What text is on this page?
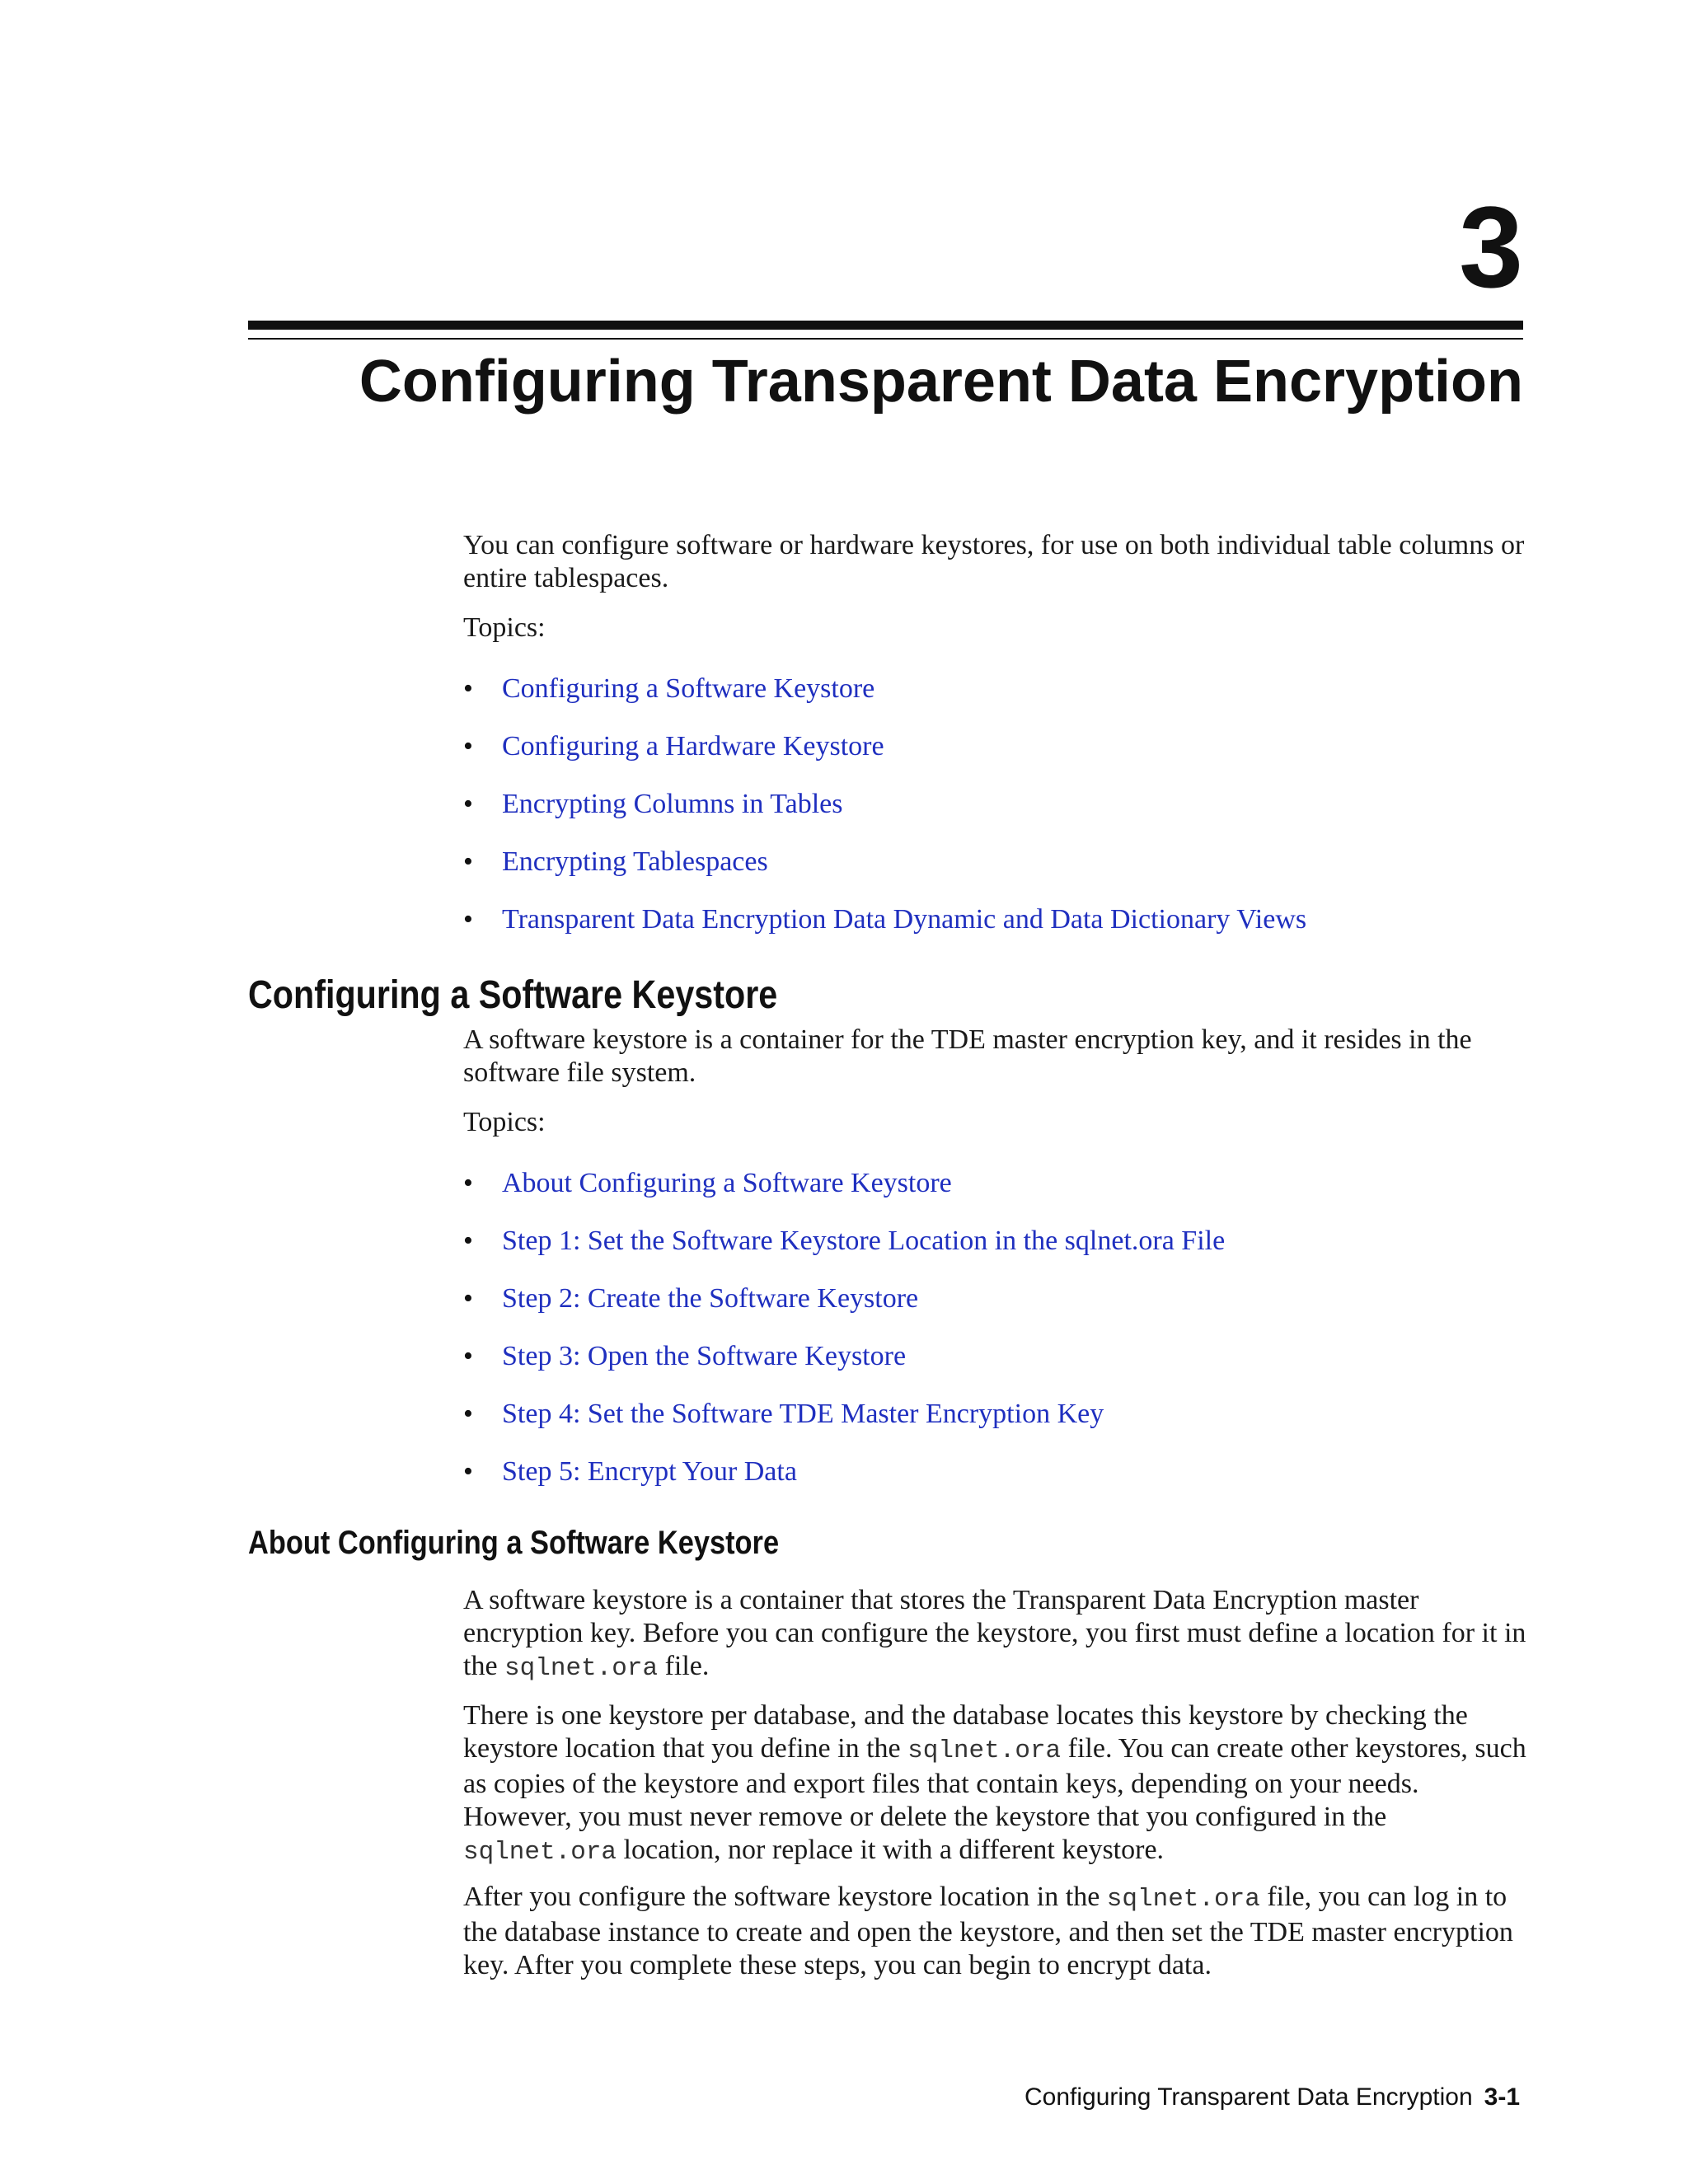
3
Configuring Transparent Data Encryption

You can configure software or hardware keystores, for use on both individual table columns or entire tablespaces.

Topics:
• Configuring a Software Keystore
• Configuring a Hardware Keystore
• Encrypting Columns in Tables
• Encrypting Tablespaces
• Transparent Data Encryption Data Dynamic and Data Dictionary Views
Configuring a Software Keystore

A software keystore is a container for the TDE master encryption key, and it resides in the software file system.

Topics:
• About Configuring a Software Keystore
• Step 1: Set the Software Keystore Location in the sqlnet.ora File
• Step 2: Create the Software Keystore
• Step 3: Open the Software Keystore
• Step 4: Set the Software TDE Master Encryption Key
• Step 5: Encrypt Your Data
About Configuring a Software Keystore

A software keystore is a container that stores the Transparent Data Encryption master encryption key. Before you can configure the keystore, you first must define a location for it in the sqlnet.ora file.

There is one keystore per database, and the database locates this keystore by checking the keystore location that you define in the sqlnet.ora file. You can create other keystores, such as copies of the keystore and export files that contain keys, depending on your needs. However, you must never remove or delete the keystore that you configured in the sqlnet.ora location, nor replace it with a different keystore.

After you configure the software keystore location in the sqlnet.ora file, you can log in to the database instance to create and open the keystore, and then set the TDE master encryption key. After you complete these steps, you can begin to encrypt data.

Configuring Transparent Data Encryption 3-1
